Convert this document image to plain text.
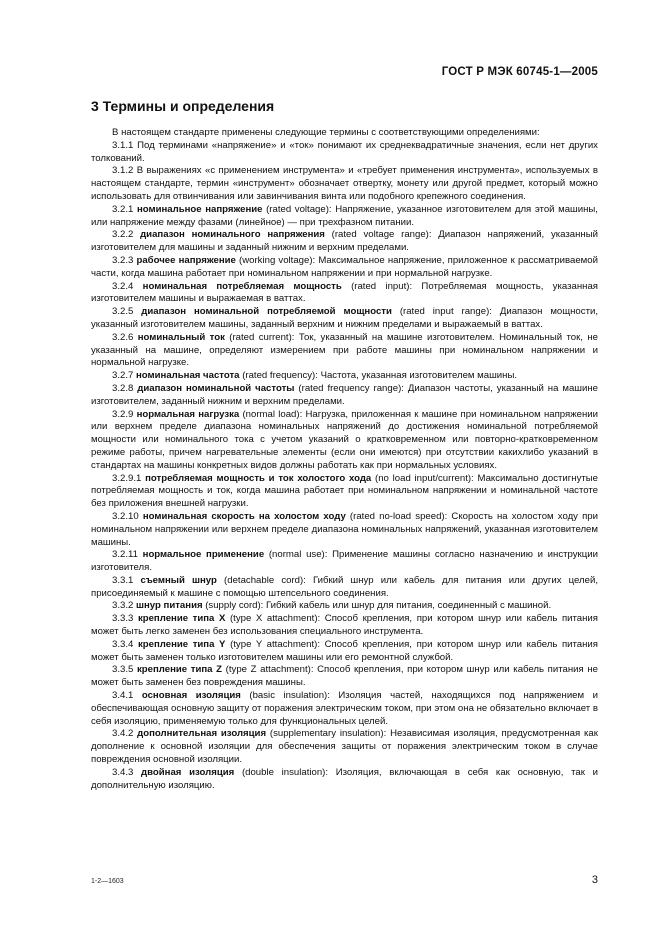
ГОСТ Р МЭК 60745-1—2005
3 Термины и определения

В настоящем стандарте применены следующие термины с соответствующими определениями:

3.1.1 Под терминами «напряжение» и «ток» понимают их среднеквадратичные значения, если нет других толкований.

3.1.2 В выражениях «с применением инструмента» и «требует применения инструмента», используемых в настоящем стандарте, термин «инструмент» обозначает отвертку, монету или другой предмет, который можно использовать для отвинчивания или завинчивания винта или подобного крепежного соединения.

3.2.1 номинальное напряжение (rated voltage): Напряжение, указанное изготовителем для этой машины, или напряжение между фазами (линейное) — при трехфазном питании.

3.2.2 диапазон номинального напряжения (rated voltage range): Диапазон напряжений, указанный изготовителем для машины и заданный нижним и верхним пределами.

3.2.3 рабочее напряжение (working voltage): Максимальное напряжение, приложенное к рассматриваемой части, когда машина работает при номинальном напряжении и при нормальной нагрузке.

3.2.4 номинальная потребляемая мощность (rated input): Потребляемая мощность, указанная изготовителем машины и выражаемая в ваттах.

3.2.5 диапазон номинальной потребляемой мощности (rated input range): Диапазон мощности, указанный изготовителем машины, заданный верхним и нижним пределами и выражаемый в ваттах.

3.2.6 номинальный ток (rated current): Ток, указанный на машине изготовителем. Номинальный ток, не указанный на машине, определяют измерением при работе машины при номинальном напряжении и нормальной нагрузке.

3.2.7 номинальная частота (rated frequency): Частота, указанная изготовителем машины.

3.2.8 диапазон номинальной частоты (rated frequency range): Диапазон частоты, указанный на машине изготовителем, заданный нижним и верхним пределами.

3.2.9 нормальная нагрузка (normal load): Нагрузка, приложенная к машине при номинальном напряжении или верхнем пределе диапазона номинальных напряжений до достижения номинальной потребляемой мощности или номинального тока с учетом указаний о кратковременном или повторно-кратковременном режиме работы, причем нагревательные элементы (если они имеются) при отсутствии какихлибо указаний в стандартах на машины конкретных видов должны работать как при нормальных условиях.

3.2.9.1 потребляемая мощность и ток холостого хода (no load input/current): Максимально достигнутые потребляемая мощность и ток, когда машина работает при номинальном напряжении и номинальной частоте без приложения внешней нагрузки.

3.2.10 номинальная скорость на холостом ходу (rated no-load speed): Скорость на холостом ходу при номинальном напряжении или верхнем пределе диапазона номинальных напряжений, указанная изготовителем машины.

3.2.11 нормальное применение (normal use): Применение машины согласно назначению и инструкции изготовителя.

3.3.1 съемный шнур (detachable cord): Гибкий шнур или кабель для питания или других целей, присоединяемый к машине с помощью штепсельного соединения.

3.3.2 шнур питания (supply cord): Гибкий кабель или шнур для питания, соединенный с машиной.

3.3.3 крепление типа X (type X attachment): Способ крепления, при котором шнур или кабель питания может быть легко заменен без использования специального инструмента.

3.3.4 крепление типа Y (type Y attachment): Способ крепления, при котором шнур или кабель питания может быть заменен только изготовителем машины или его ремонтной службой.

3.3.5 крепление типа Z (type Z attachment): Способ крепления, при котором шнур или кабель питания не может быть заменен без повреждения машины.

3.4.1 основная изоляция (basic insulation): Изоляция частей, находящихся под напряжением и обеспечивающая основную защиту от поражения электрическим током, при этом она не обязательно включает в себя изоляцию, применяемую только для функциональных целей.

3.4.2 дополнительная изоляция (supplementary insulation): Независимая изоляция, предусмотренная как дополнение к основной изоляции для обеспечения защиты от поражения электрическим током в случае повреждения основной изоляции.

3.4.3 двойная изоляция (double insulation): Изоляция, включающая в себя как основную, так и дополнительную изоляцию.

1-2—1603	3
